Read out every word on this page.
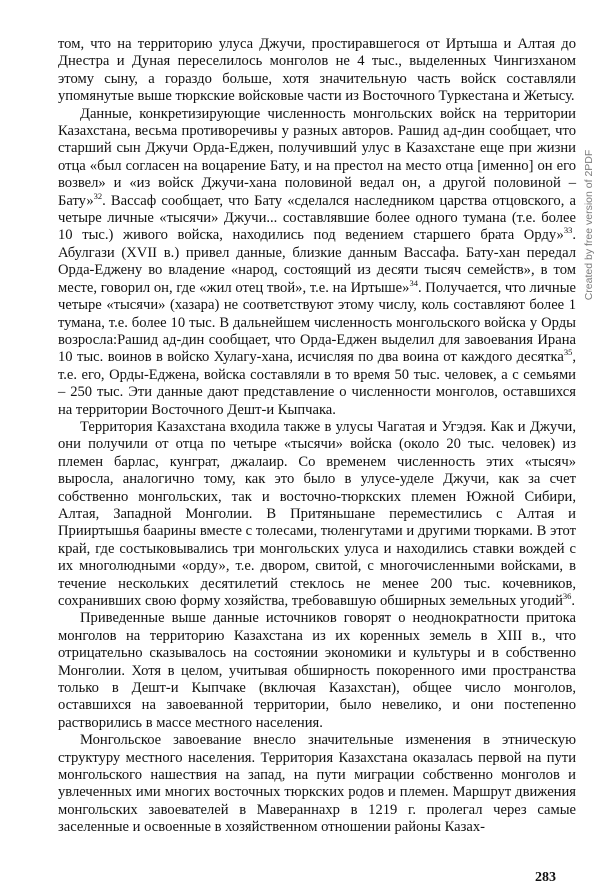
том, что на территорию улуса Джучи, простиравшегося от Иртыша и Алтая до Днестра и Дуная переселилось монголов не 4 тыс., выделенных Чингизханом этому сыну, а гораздо больше, хотя значительную часть войск составляли упомянутые выше тюркские войсковые части из Восточного Туркестана и Жетысу.

Данные, конкретизирующие численность монгольских войск на территории Казахстана, весьма противоречивы у разных авторов. Рашид ад-дин сообщает, что старший сын Джучи Орда-Еджен, получивший улус в Казахстане еще при жизни отца «был согласен на воцарение Бату, и на престол на место отца [именно] он его возвел» и «из войск Джучи-хана половиной ведал он, а другой половиной – Бату»$^{32}$. Вассаф сообщает, что Бату «сделался наследником царства отцовского, а четыре личные «тысячи» Джучи... составлявшие более одного тумана (т.е. более 10 тыс.) живого войска, находились под ведением старшего брата Орду»$^{33}$. Абулгази (XVII в.) привел данные, близкие данным Вассафа. Бату-хан передал Орда-Еджену во владение «народ, состоящий из десяти тысяч семейств», в том месте, говорил он, где «жил отец твой», т.е. на Иртыше»$^{34}$. Получается, что личные четыре «тысячи» (хазара) не соответствуют этому числу, коль составляют более 1 тумана, т.е. более 10 тыс. В дальнейшем численность монгольского войска у Орды возросла:Рашид ад-дин сообщает, что Орда-Еджен выделил для завоевания Ирана 10 тыс. воинов в войско Хулагу-хана, исчисляя по два воина от каждого десятка$^{35}$, т.е. его, Орды-Еджена, войска составляли в то время 50 тыс. человек, а с семьями – 250 тыс. Эти данные дают представление о численности монголов, оставшихся на территории Восточного Дешт-и Кыпчака.

Территория Казахстана входила также в улусы Чагатая и Угэдэя. Как и Джучи, они получили от отца по четыре «тысячи» войска (около 20 тыс. человек) из племен барлас, кунграт, джалаир. Со временем численность этих «тысяч» выросла, аналогично тому, как это было в улусе-уделе Джучи, как за счет собственно монгольских, так и восточно-тюркских племен Южной Сибири, Алтая, Западной Монголии. В Притяньшане переместились с Алтая и Прииртышья баарины вместе с толесами, тюленгутами и другими тюрками. В этот край, где состыковывались три монгольских улуса и находились ставки вождей с их многолюдными «орду», т.е. двором, свитой, с многочисленными войсками, в течение нескольких десятилетий стеклось не менее 200 тыс. кочевников, сохранивших свою форму хозяйства, требовавшую обширных земельных угодий$^{36}$.

Приведенные выше данные источников говорят о неоднократности притока монголов на территорию Казахстана из их коренных земель в XIII в., что отрицательно сказывалось на состоянии экономики и культуры и в собственно Монголии. Хотя в целом, учитывая обширность покоренного ими пространства только в Дешт-и Кыпчаке (включая Казахстан), общее число монголов, оставшихся на завоеванной территории, было невелико, и они постепенно растворились в массе местного населения.

Монгольское завоевание внесло значительные изменения в этническую структуру местного населения. Территория Казахстана оказалась первой на пути монгольского нашествия на запад, на пути миграции собственно монголов и увлеченных ими многих восточных тюркских родов и племен. Маршрут движения монгольских завоевателей в Мавераннахр в 1219 г. пролегал через самые заселенные и освоенные в хозяйственном отношении районы Казах-

Created by free version of 2PDF
283
